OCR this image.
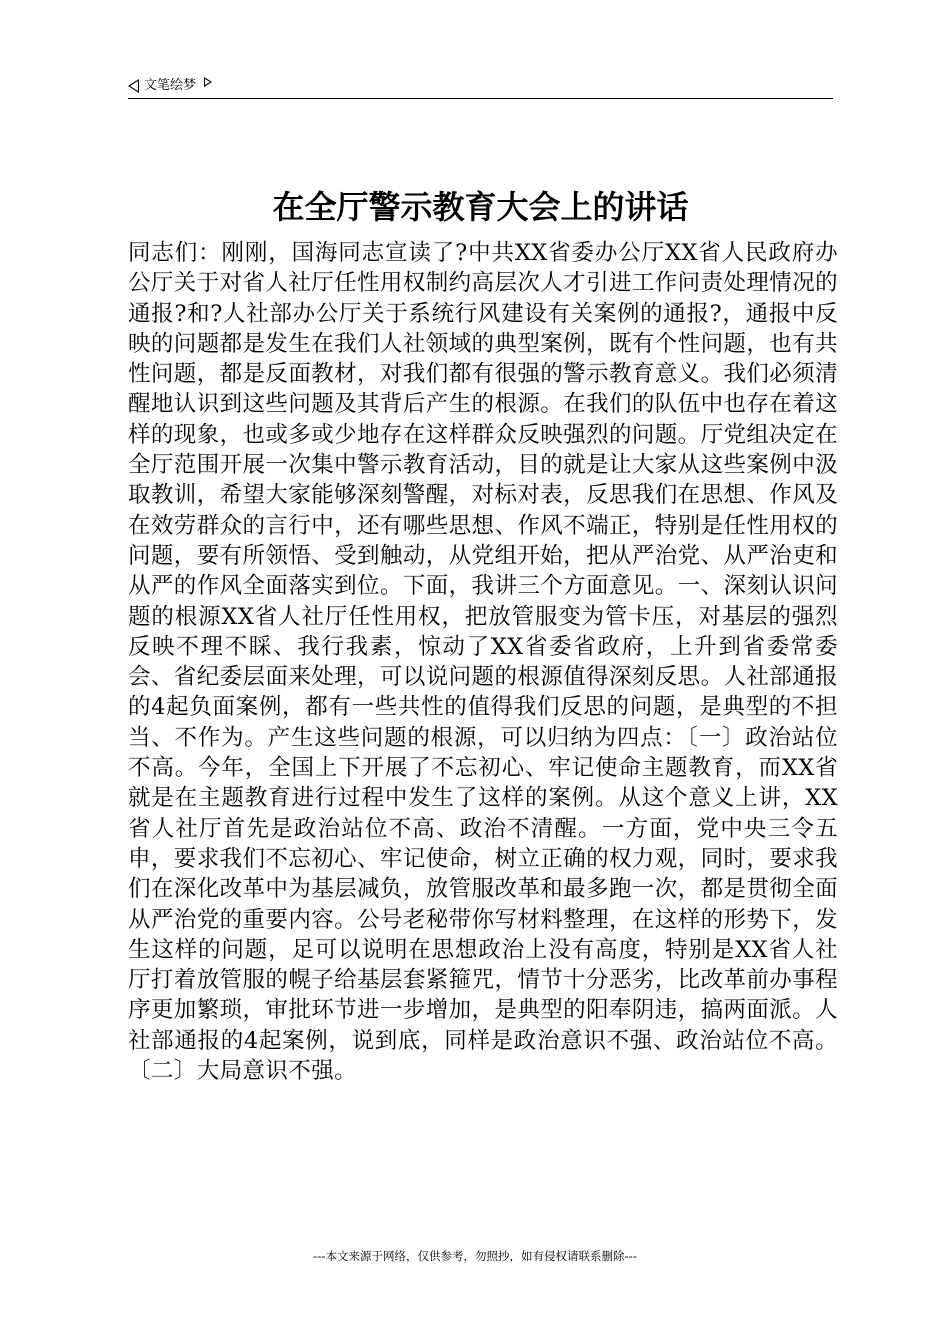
文笔绘梦
在全厅警示教育大会上的讲话

同志们：刚刚，国海同志宣读了?中共XX省委办公厅XX省人民政府办公厅关于对省人社厅任性用权制约高层次人才引进工作问责处理情况的通报?和?人社部办公厅关于系统行风建设有关案例的通报?，通报中反映的问题都是发生在我们人社领域的典型案例，既有个性问题，也有共性问题，都是反面教材，对我们都有很强的警示教育意义。我们必须清醒地认识到这些问题及其背后产生的根源。在我们的队伍中也存在着这样的现象，也或多或少地存在这样群众反映强烈的问题。厅党组决定在全厅范围开展一次集中警示教育活动，目的就是让大家从这些案例中汲取教训，希望大家能够深刻警醒，对标对表，反思我们在思想、作风及在效劳群众的言行中，还有哪些思想、作风不端正，特别是任性用权的问题，要有所领悟、受到触动，从党组开始，把从严治党、从严治吏和从严的作风全面落实到位。下面，我讲三个方面意见。一、深刻认识问题的根源XX省人社厅任性用权，把放管服变为管卡压，对基层的强烈反映不理不睬、我行我素，惊动了XX省委省政府，上升到省委常委会、省纪委层面来处理，可以说问题的根源值得深刻反思。人社部通报的4起负面案例，都有一些共性的值得我们反思的问题，是典型的不担当、不作为。产生这些问题的根源，可以归纳为四点：〔一〕政治站位不高。今年，全国上下开展了不忘初心、牢记使命主题教育，而XX省就是在主题教育进行过程中发生了这样的案例。从这个意义上讲，XX省人社厅首先是政治站位不高、政治不清醒。一方面，党中央三令五申，要求我们不忘初心、牢记使命，树立正确的权力观，同时，要求我们在深化改革中为基层减负，放管服改革和最多跑一次，都是贯彻全面从严治党的重要内容。公号老秘带你写材料整理，在这样的形势下，发生这样的问题，足可以说明在思想政治上没有高度，特别是XX省人社厅打着放管服的幌子给基层套紧箍咒，情节十分恶劣，比改革前办事程序更加繁琐，审批环节进一步增加，是典型的阳奉阴违，搞两面派。人社部通报的4起案例，说到底，同样是政治意识不强、政治站位不高。〔二〕大局意识不强。

---本文来源于网络，仅供参考，勿照抄，如有侵权请联系删除---
